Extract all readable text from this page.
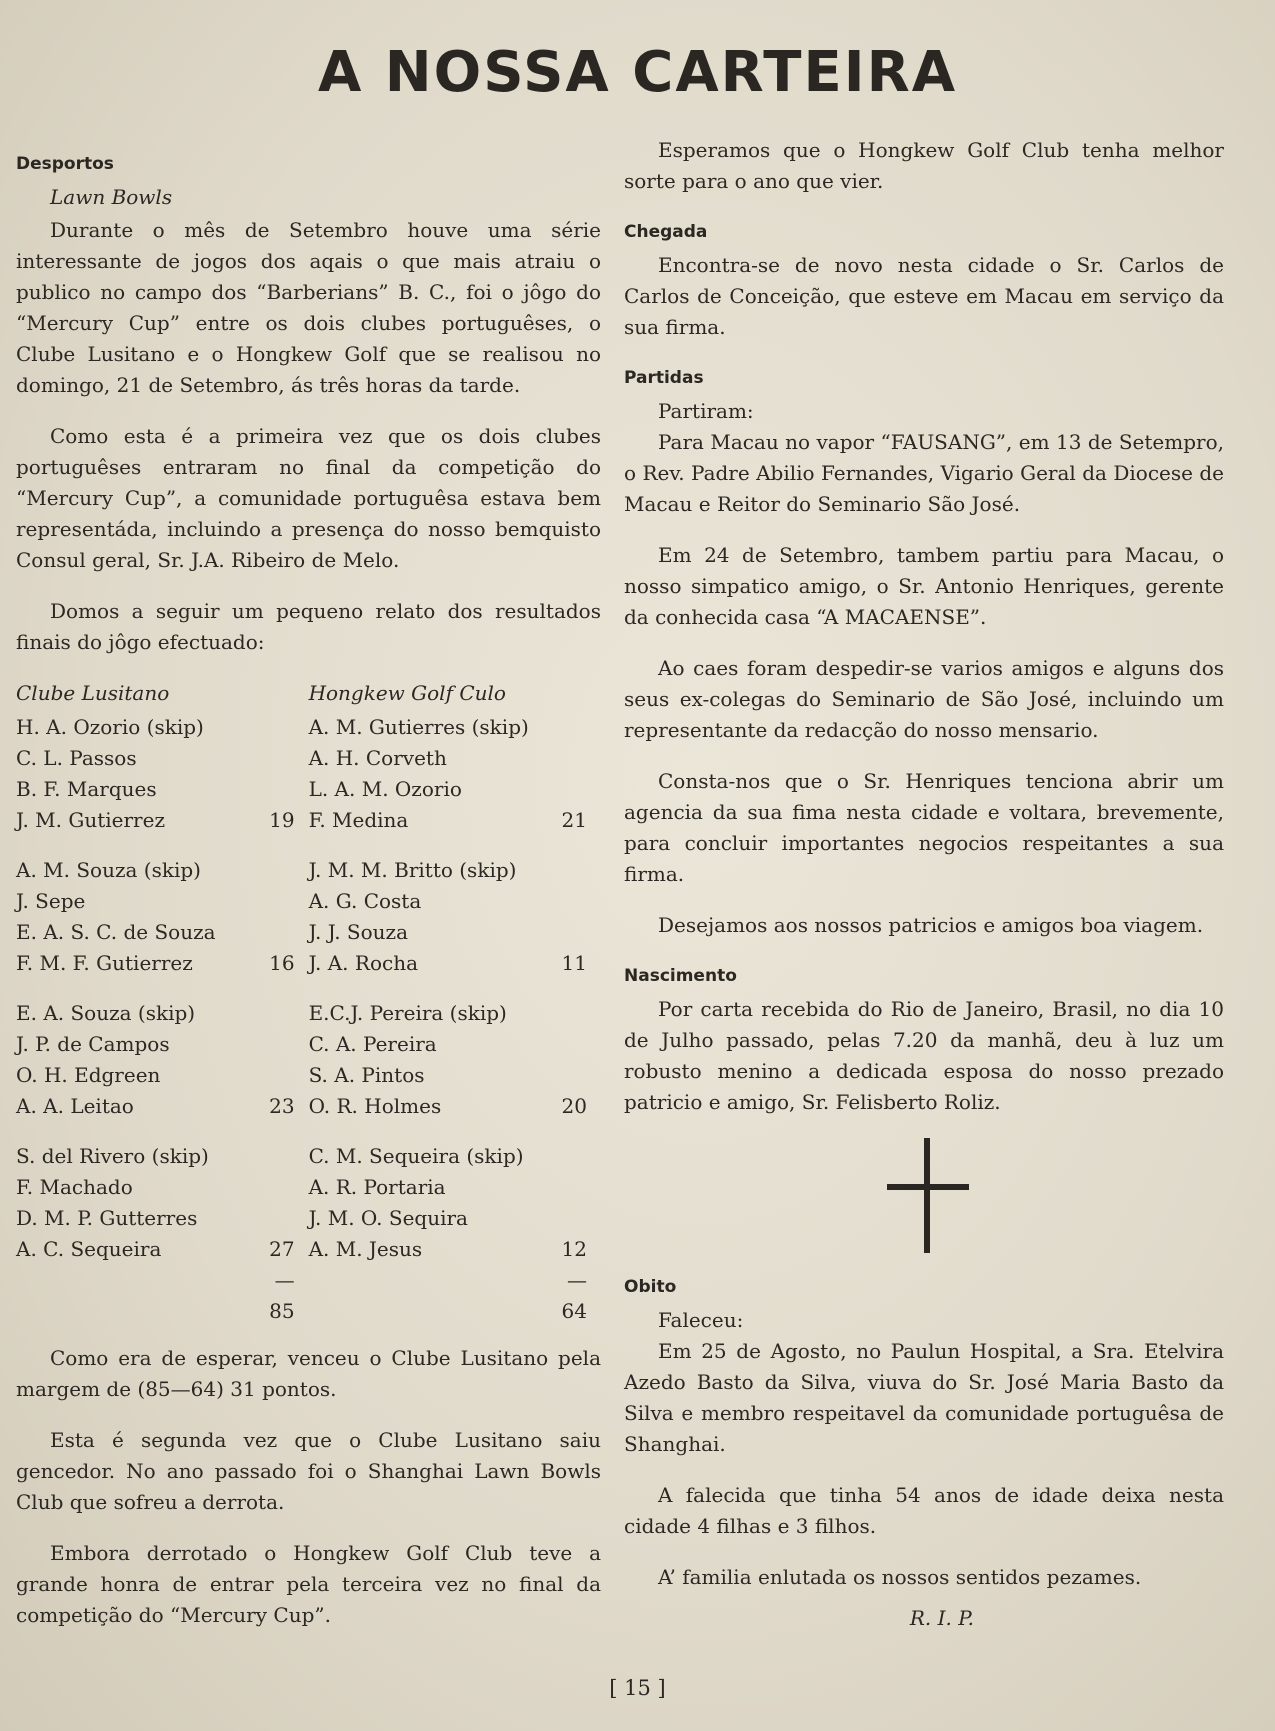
A NOSSA CARTEIRA
Desportos
Lawn Bowls

Durante o mês de Setembro houve uma série interessante de jogos dos aqais o que mais atraiu o publico no campo dos “Barberians” B. C., foi o jôgo do “Mercury Cup” entre os dois clubes portuguêses, o Clube Lusitano e o Hongkew Golf que se realisou no domingo, 21 de Setembro, ás três horas da tarde.

Como esta é a primeira vez que os dois clubes portuguêses entraram no final da competição do “Mercury Cup”, a comunidade portuguêsa estava bem representáda, incluindo a presença do nosso bemquisto Consul geral, Sr. J.A. Ribeiro de Melo.

Domos a seguir um pequeno relato dos resultados finais do jôgo efectuado:

Clube Lusitano		Hongkew Golf Culo	
H. A. Ozorio (skip)		A. M. Gutierres (skip)	
C. L. Passos		A. H. Corveth	
B. F. Marques		L. A. M. Ozorio	
J. M. Gutierrez	19	F. Medina	21

A. M. Souza (skip)		J. M. M. Britto (skip)	
J. Sepe		A. G. Costa	
E. A. S. C. de Souza		J. J. Souza	
F. M. F. Gutierrez	16	J. A. Rocha	11

E. A. Souza (skip)		E.C.J. Pereira (skip)	
J. P. de Campos		C. A. Pereira	
O. H. Edgreen		S. A. Pintos	
A. A. Leitao	23	O. R. Holmes	20

S. del Rivero (skip)		C. M. Sequeira (skip)	
F. Machado		A. R. Portaria	
D. M. P. Gutterres		J. M. O. Sequira	
A. C. Sequeira	27	A. M. Jesus	12
	—		—
	85		64

Como era de esperar, venceu o Clube Lusitano pela margem de (85—64) 31 pontos.

Esta é segunda vez que o Clube Lusitano saiu gencedor. No ano passado foi o Shanghai Lawn Bowls Club que sofreu a derrota.

Embora derrotado o Hongkew Golf Club teve a grande honra de entrar pela terceira vez no final da competição do “Mercury Cup”.

Esperamos que o Hongkew Golf Club tenha melhor sorte para o ano que vier.

Chegada

Encontra-se de novo nesta cidade o Sr. Carlos de Carlos de Conceição, que esteve em Macau em serviço da sua firma.

Partidas

Partiram:

Para Macau no vapor “FAUSANG”, em 13 de Setempro, o Rev. Padre Abilio Fernandes, Vigario Geral da Diocese de Macau e Reitor do Seminario São José.

Em 24 de Setembro, tambem partiu para Macau, o nosso simpatico amigo, o Sr. Antonio Henriques, gerente da conhecida casa “A MACAENSE”.

Ao caes foram despedir-se varios amigos e alguns dos seus ex-colegas do Seminario de São José, incluindo um representante da redacção do nosso mensario.

Consta-nos que o Sr. Henriques tenciona abrir um agencia da sua fima nesta cidade e voltara, brevemente, para concluir importantes negocios respeitantes a sua firma.

Desejamos aos nossos patricios e amigos boa viagem.

Nascimento

Por carta recebida do Rio de Janeiro, Brasil, no dia 10 de Julho passado, pelas 7.20 da manhã, deu à luz um robusto menino a dedicada esposa do nosso prezado patricio e amigo, Sr. Felisberto Roliz.

Obito

Faleceu:

Em 25 de Agosto, no Paulun Hospital, a Sra. Etelvira Azedo Basto da Silva, viuva do Sr. José Maria Basto da Silva e membro respeitavel da comunidade portuguêsa de Shanghai.

A falecida que tinha 54 anos de idade deixa nesta cidade 4 filhas e 3 filhos.

A’ familia enlutada os nossos sentidos pezames.

R. I. P.
[ 15 ]
